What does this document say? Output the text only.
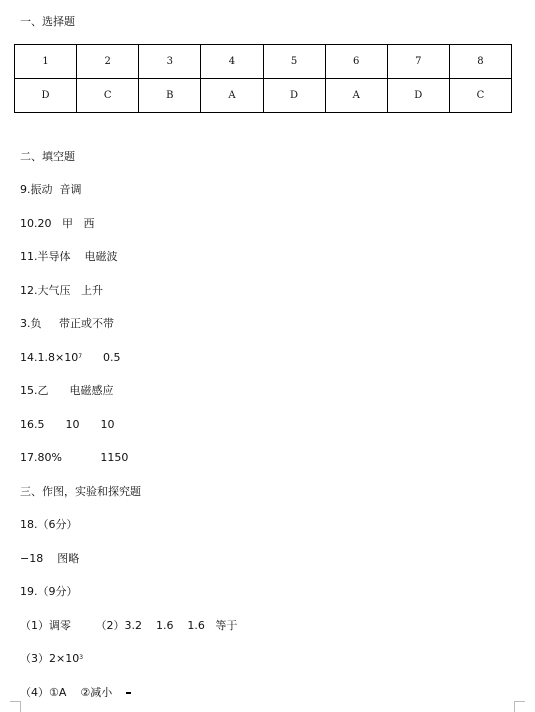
一、选择题
1	2	3	4	5	6	7	8
D	C	B	A	D	A	D	C
二、填空题
9.振动  音调
10.20   甲   西
11.半导体    电磁波
12.大气压   上升
3.负     带正或不带
$14.1.8\times 10^7$      0.5
15.乙      电磁感应
16.5      10      10
17.80%           1150
三、作图，实验和探究题
18.（6分）
−18    图略
19.（9分）
（1）调零       （2）3.2    1.6    1.6   等于
$(3)2\times 10^3$
（4）①A    ②减小
